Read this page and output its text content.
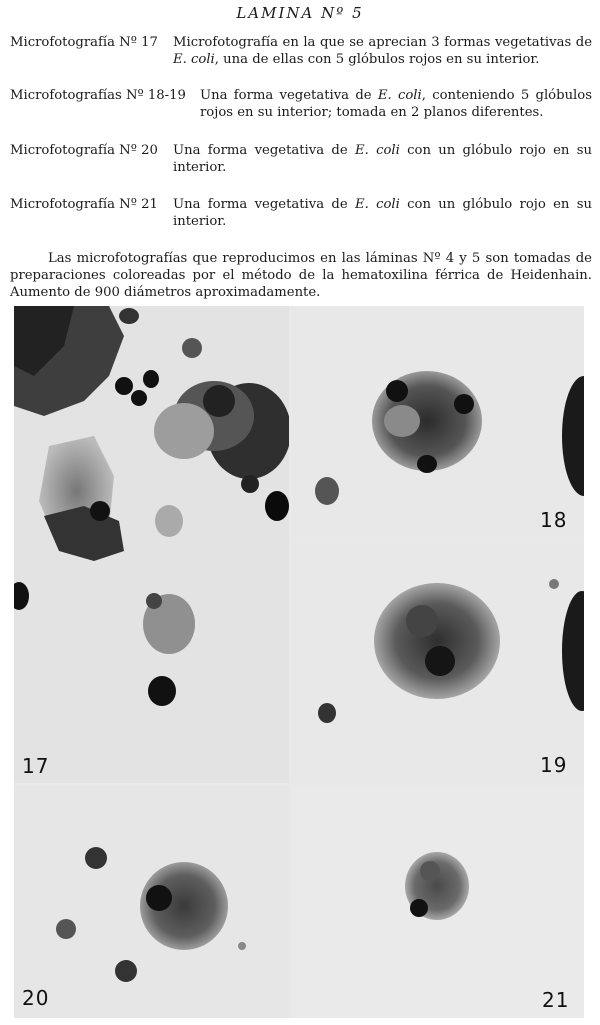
LAMINA Nº 5
Microfotografía Nº 17	Microfotografía en la que se aprecian 3 formas vegetativas de E. coli, una de ellas con 5 glóbulos rojos en su interior.
Microfotografías Nº 18-19	Una forma vegetativa de E. coli, conteniendo 5 glóbulos rojos en su interior; tomada en 2 planos diferentes.
Microfotografía Nº 20	Una forma vegetativa de E. coli con un glóbulo rojo en su interior.
Microfotografía Nº 21	Una forma vegetativa de E. coli con un glóbulo rojo en su interior.
Las microfotografías que reproducimos en las láminas Nº 4 y 5 son tomadas de preparaciones coloreadas por el método de la hematoxilina férrica de Heidenhain. Aumento de 900 diámetros aproximadamente.
17
18
19
20	21
